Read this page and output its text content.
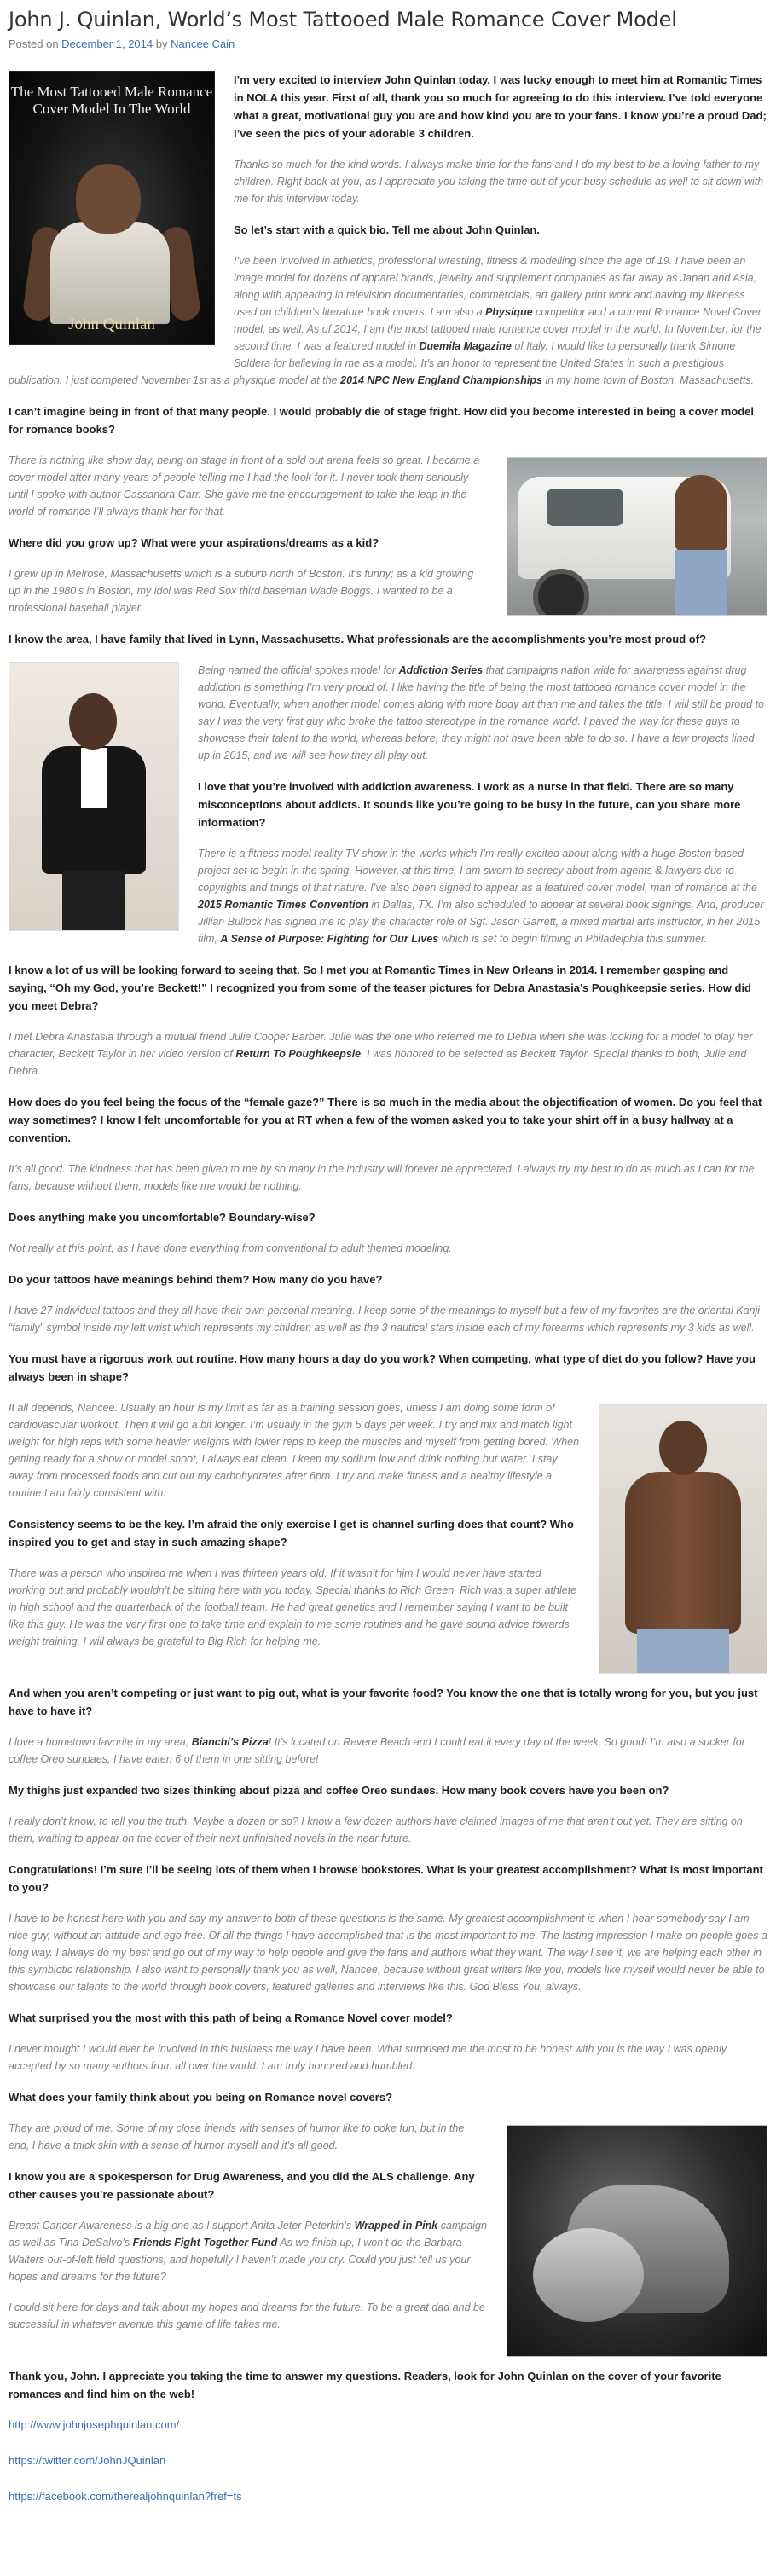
John J. Quinlan, World’s Most Tattooed Male Romance Cover Model
Posted on December 1, 2014 by Nancee Cain
The Most Tattooed Male Romance Cover Model In The World
John Quinlan

I’m very excited to interview John Quinlan today. I was lucky enough to meet him at Romantic Times in NOLA this year. First of all, thank you so much for agreeing to do this interview. I’ve told everyone what a great, motivational guy you are and how kind you are to your fans. I know you’re a proud Dad; I’ve seen the pics of your adorable 3 children.

Thanks so much for the kind words. I always make time for the fans and I do my best to be a loving father to my children. Right back at you, as I appreciate you taking the time out of your busy schedule as well to sit down with me for this interview today.

So let’s start with a quick bio. Tell me about John Quinlan.

I’ve been involved in athletics, professional wrestling, fitness & modelling since the age of 19. I have been an image model for dozens of apparel brands, jewelry and supplement companies as far away as Japan and Asia, along with appearing in television documentaries, commercials, art gallery print work and having my likeness used on children’s literature book covers. I am also a Physique competitor and a current Romance Novel Cover model, as well. As of 2014, I am the most tattooed male romance cover model in the world. In November, for the second time, I was a featured model in Duemila Magazine of Italy. I would like to personally thank Simone Soldera for believing in me as a model. It’s an honor to represent the United States in such a prestigious publication. I just competed November 1st as a physique model at the 2014 NPC New England Championships in my home town of Boston, Massachusetts.

I can’t imagine being in front of that many people. I would probably die of stage fright. How did you become interested in being a cover model for romance books?

There is nothing like show day, being on stage in front of a sold out arena feels so great. I became a cover model after many years of people telling me I had the look for it. I never took them seriously until I spoke with author Cassandra Carr. She gave me the encouragement to take the leap in the world of romance I’ll always thank her for that.

Where did you grow up? What were your aspirations/dreams as a kid?

I grew up in Melrose, Massachusetts which is a suburb north of Boston. It’s funny; as a kid growing up in the 1980’s in Boston, my idol was Red Sox third baseman Wade Boggs. I wanted to be a professional baseball player.

I know the area, I have family that lived in Lynn, Massachusetts. What professionals are the accomplishments you’re most proud of?

Being named the official spokes model for Addiction Series that campaigns nation wide for awareness against drug addiction is something I’m very proud of. I like having the title of being the most tattooed romance cover model in the world. Eventually, when another model comes along with more body art than me and takes the title, I will still be proud to say I was the very first guy who broke the tattoo stereotype in the romance world. I paved the way for these guys to showcase their talent to the world, whereas before, they might not have been able to do so. I have a few projects lined up in 2015, and we will see how they all play out.

I love that you’re involved with addiction awareness. I work as a nurse in that field. There are so many misconceptions about addicts. It sounds like you’re going to be busy in the future, can you share more information?

There is a fitness model reality TV show in the works which I’m really excited about along with a huge Boston based project set to begin in the spring. However, at this time, I am sworn to secrecy about from agents & lawyers due to copyrights and things of that nature. I’ve also been signed to appear as a featured cover model, man of romance at the 2015 Romantic Times Convention in Dallas, TX. I’m also scheduled to appear at several book signings. And, producer Jillian Bullock has signed me to play the character role of Sgt. Jason Garrett, a mixed martial arts instructor, in her 2015 film, A Sense of Purpose: Fighting for Our Lives which is set to begin filming in Philadelphia this summer.

I know a lot of us will be looking forward to seeing that. So I met you at Romantic Times in New Orleans in 2014. I remember gasping and saying, “Oh my God, you’re Beckett!” I recognized you from some of the teaser pictures for Debra Anastasia’s Poughkeepsie series. How did you meet Debra?

I met Debra Anastasia through a mutual friend Julie Cooper Barber. Julie was the one who referred me to Debra when she was looking for a model to play her character, Beckett Taylor in her video version of Return To Poughkeepsie. I was honored to be selected as Beckett Taylor. Special thanks to both, Julie and Debra.

How does do you feel being the focus of the “female gaze?” There is so much in the media about the objectification of women. Do you feel that way sometimes? I know I felt uncomfortable for you at RT when a few of the women asked you to take your shirt off in a busy hallway at a convention.

It’s all good. The kindness that has been given to me by so many in the industry will forever be appreciated. I always try my best to do as much as I can for the fans, because without them, models like me would be nothing.

Does anything make you uncomfortable? Boundary-wise?

Not really at this point, as I have done everything from conventional to adult themed modeling.

Do your tattoos have meanings behind them? How many do you have?

I have 27 individual tattoos and they all have their own personal meaning. I keep some of the meanings to myself but a few of my favorites are the oriental Kanji “family” symbol inside my left wrist which represents my children as well as the 3 nautical stars inside each of my forearms which represents my 3 kids as well.

You must have a rigorous work out routine. How many hours a day do you work? When competing, what type of diet do you follow? Have you always been in shape?

It all depends, Nancee. Usually an hour is my limit as far as a training session goes, unless I am doing some form of cardiovascular workout. Then it will go a bit longer. I’m usually in the gym 5 days per week. I try and mix and match light weight for high reps with some heavier weights with lower reps to keep the muscles and myself from getting bored. When getting ready for a show or model shoot, I always eat clean. I keep my sodium low and drink nothing but water. I stay away from processed foods and cut out my carbohydrates after 6pm. I try and make fitness and a healthy lifestyle a routine I am fairly consistent with.

Consistency seems to be the key. I’m afraid the only exercise I get is channel surfing does that count? Who inspired you to get and stay in such amazing shape?

There was a person who inspired me when I was thirteen years old. If it wasn’t for him I would never have started working out and probably wouldn’t be sitting here with you today. Special thanks to Rich Green. Rich was a super athlete in high school and the quarterback of the football team. He had great genetics and I remember saying I want to be built like this guy. He was the very first one to take time and explain to me some routines and he gave sound advice towards weight training. I will always be grateful to Big Rich for helping me.

And when you aren’t competing or just want to pig out, what is your favorite food? You know the one that is totally wrong for you, but you just have to have it?

I love a hometown favorite in my area, Bianchi’s Pizza! It’s located on Revere Beach and I could eat it every day of the week. So good! I’m also a sucker for coffee Oreo sundaes, I have eaten 6 of them in one sitting before!

My thighs just expanded two sizes thinking about pizza and coffee Oreo sundaes. How many book covers have you been on?

I really don’t know, to tell you the truth. Maybe a dozen or so? I know a few dozen authors have claimed images of me that aren’t out yet. They are sitting on them, waiting to appear on the cover of their next unfinished novels in the near future.

Congratulations! I’m sure I’ll be seeing lots of them when I browse bookstores. What is your greatest accomplishment? What is most important to you?

I have to be honest here with you and say my answer to both of these questions is the same. My greatest accomplishment is when I hear somebody say I am nice guy, without an attitude and ego free. Of all the things I have accomplished that is the most important to me. The lasting impression I make on people goes a long way. I always do my best and go out of my way to help people and give the fans and authors what they want. The way I see it, we are helping each other in this symbiotic relationship. I also want to personally thank you as well, Nancee, because without great writers like you, models like myself would never be able to showcase our talents to the world through book covers, featured galleries and interviews like this. God Bless You, always.

What surprised you the most with this path of being a Romance Novel cover model?

I never thought I would ever be involved in this business the way I have been. What surprised me the most to be honest with you is the way I was openly accepted by so many authors from all over the world. I am truly honored and humbled.

What does your family think about you being on Romance novel covers?

They are proud of me. Some of my close friends with senses of humor like to poke fun, but in the end, I have a thick skin with a sense of humor myself and it’s all good.

I know you are a spokesperson for Drug Awareness, and you did the ALS challenge. Any other causes you’re passionate about?

Breast Cancer Awareness is a big one as I support Anita Jeter-Peterkin’s Wrapped in Pink campaign as well as Tina DeSalvo’s Friends Fight Together Fund As we finish up, I won’t do the Barbara Walters out-of-left field questions, and hopefully I haven’t made you cry. Could you just tell us your hopes and dreams for the future?

I could sit here for days and talk about my hopes and dreams for the future. To be a great dad and be successful in whatever avenue this game of life takes me.

Thank you, John. I appreciate you taking the time to answer my questions. Readers, look for John Quinlan on the cover of your favorite romances and find him on the web!

http://www.johnjosephquinlan.com/

https://twitter.com/JohnJQuinlan

https://facebook.com/therealjohnquinlan?fref=ts
